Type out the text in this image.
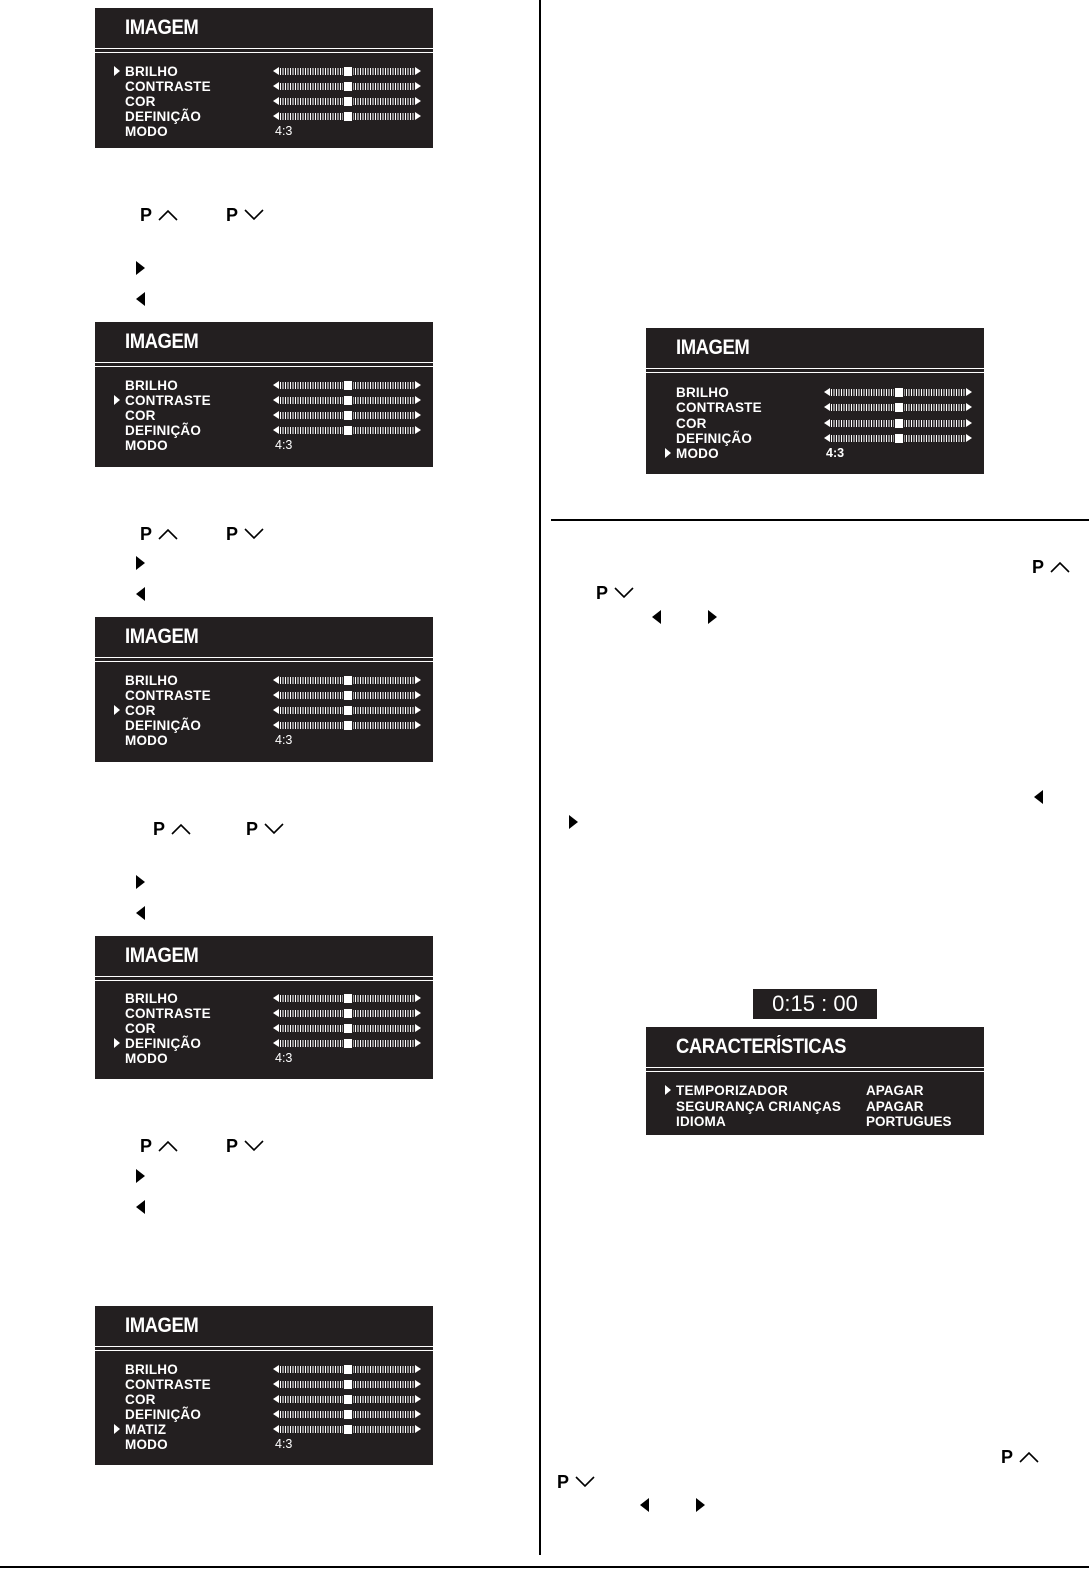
IMAGEM
BRILHO
CONTRASTE
COR
DEFINIÇÃO
MODO	4:3
IMAGEM
BRILHO
CONTRASTE
COR
DEFINIÇÃO
MODO	4:3
IMAGEM
BRILHO
CONTRASTE
COR
DEFINIÇÃO
MODO	4:3
IMAGEM
BRILHO
CONTRASTE
COR
DEFINIÇÃO
MODO	4:3
IMAGEM
BRILHO
CONTRASTE
COR
DEFINIÇÃO
MATIZ
MODO	4:3
IMAGEM
BRILHO
CONTRASTE
COR
DEFINIÇÃO
MODO	4:3
CARACTERÍSTICAS
TEMPORIZADOR	APAGAR
SEGURANÇA CRIANÇAS APAGAR
IDIOMA	PORTUGUES
0:15 : 00
P	P
P	P
P	P
P	P
P
P
P
P
